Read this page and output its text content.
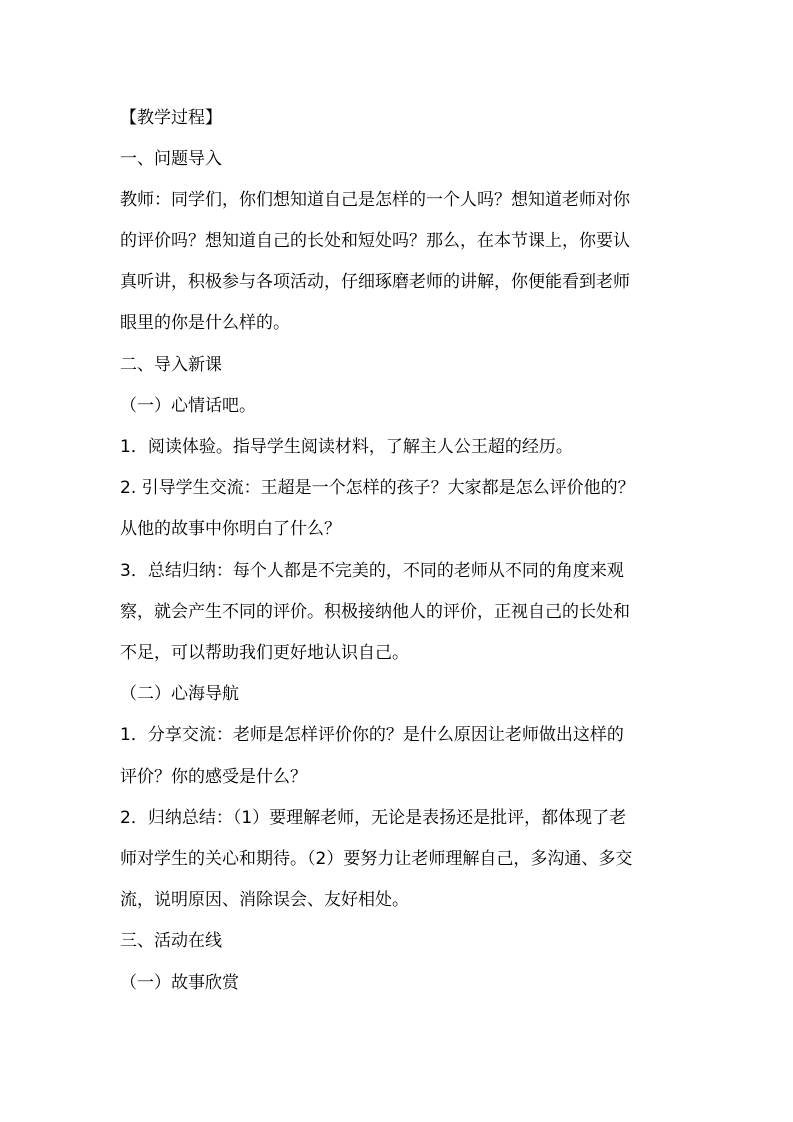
【教学过程】

一、问题导入

教师：同学们，你们想知道自己是怎样的一个人吗？想知道老师对你

的评价吗？想知道自己的长处和短处吗？那么，在本节课上，你要认

真听讲，积极参与各项活动，仔细琢磨老师的讲解，你便能看到老师

眼里的你是什么样的。

二、导入新课

（一）心情话吧。

1．阅读体验。指导学生阅读材料，了解主人公王超的经历。

2. 引导学生交流：王超是一个怎样的孩子？大家都是怎么评价他的？

从他的故事中你明白了什么？

3．总结归纳：每个人都是不完美的，不同的老师从不同的角度来观

察，就会产生不同的评价。积极接纳他人的评价，正视自己的长处和

不足，可以帮助我们更好地认识自己。

（二）心海导航

1．分享交流：老师是怎样评价你的？是什么原因让老师做出这样的

评价？你的感受是什么？

2．归纳总结：（1）要理解老师，无论是表扬还是批评，都体现了老

师对学生的关心和期待。（2）要努力让老师理解自己，多沟通、多交

流，说明原因、消除误会、友好相处。

三、活动在线

（一）故事欣赏
